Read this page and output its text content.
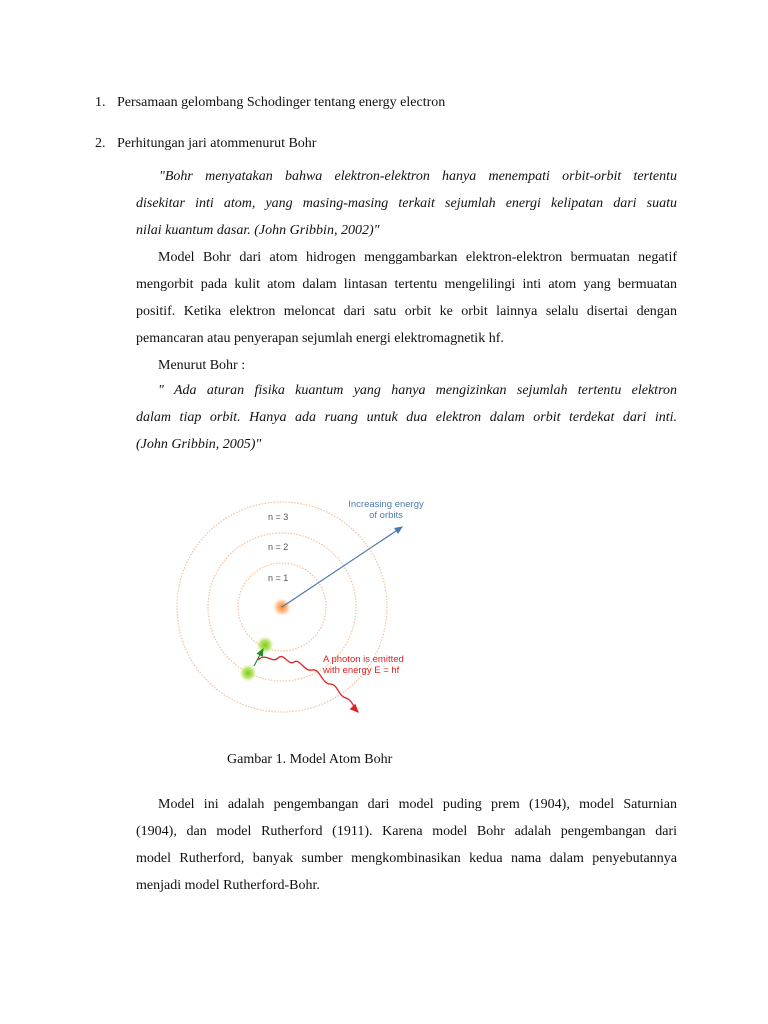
1. Persamaan gelombang Schodinger tentang energy electron
2. Perhitungan jari atommenurut Bohr
"Bohr menyatakan bahwa elektron-elektron hanya menempati orbit-orbit tertentu
disekitar inti atom, yang masing-masing terkait sejumlah energi kelipatan dari suatu
nilai kuantum dasar. (John Gribbin, 2002)"
Model Bohr dari atom hidrogen menggambarkan elektron-elektron bermuatan negatif
mengorbit pada kulit atom dalam lintasan tertentu mengelilingi inti atom yang bermuatan
positif. Ketika elektron meloncat dari satu orbit ke orbit lainnya selalu disertai dengan
pemancaran atau penyerapan sejumlah energi elektromagnetik hf.
Menurut Bohr :
" Ada aturan fisika kuantum yang hanya mengizinkan sejumlah tertentu elektron
dalam tiap orbit. Hanya ada ruang untuk dua elektron dalam orbit terdekat dari inti.
(John Gribbin, 2005)"
n = 3
n = 2
n = 1
Increasing energy
of orbits
A photon is emitted
with energy E = hf
Gambar 1. Model Atom Bohr
Model ini adalah pengembangan dari model puding prem (1904), model Saturnian
(1904), dan model Rutherford (1911). Karena model Bohr adalah pengembangan dari
model Rutherford, banyak sumber mengkombinasikan kedua nama dalam penyebutannya
menjadi model Rutherford-Bohr.
